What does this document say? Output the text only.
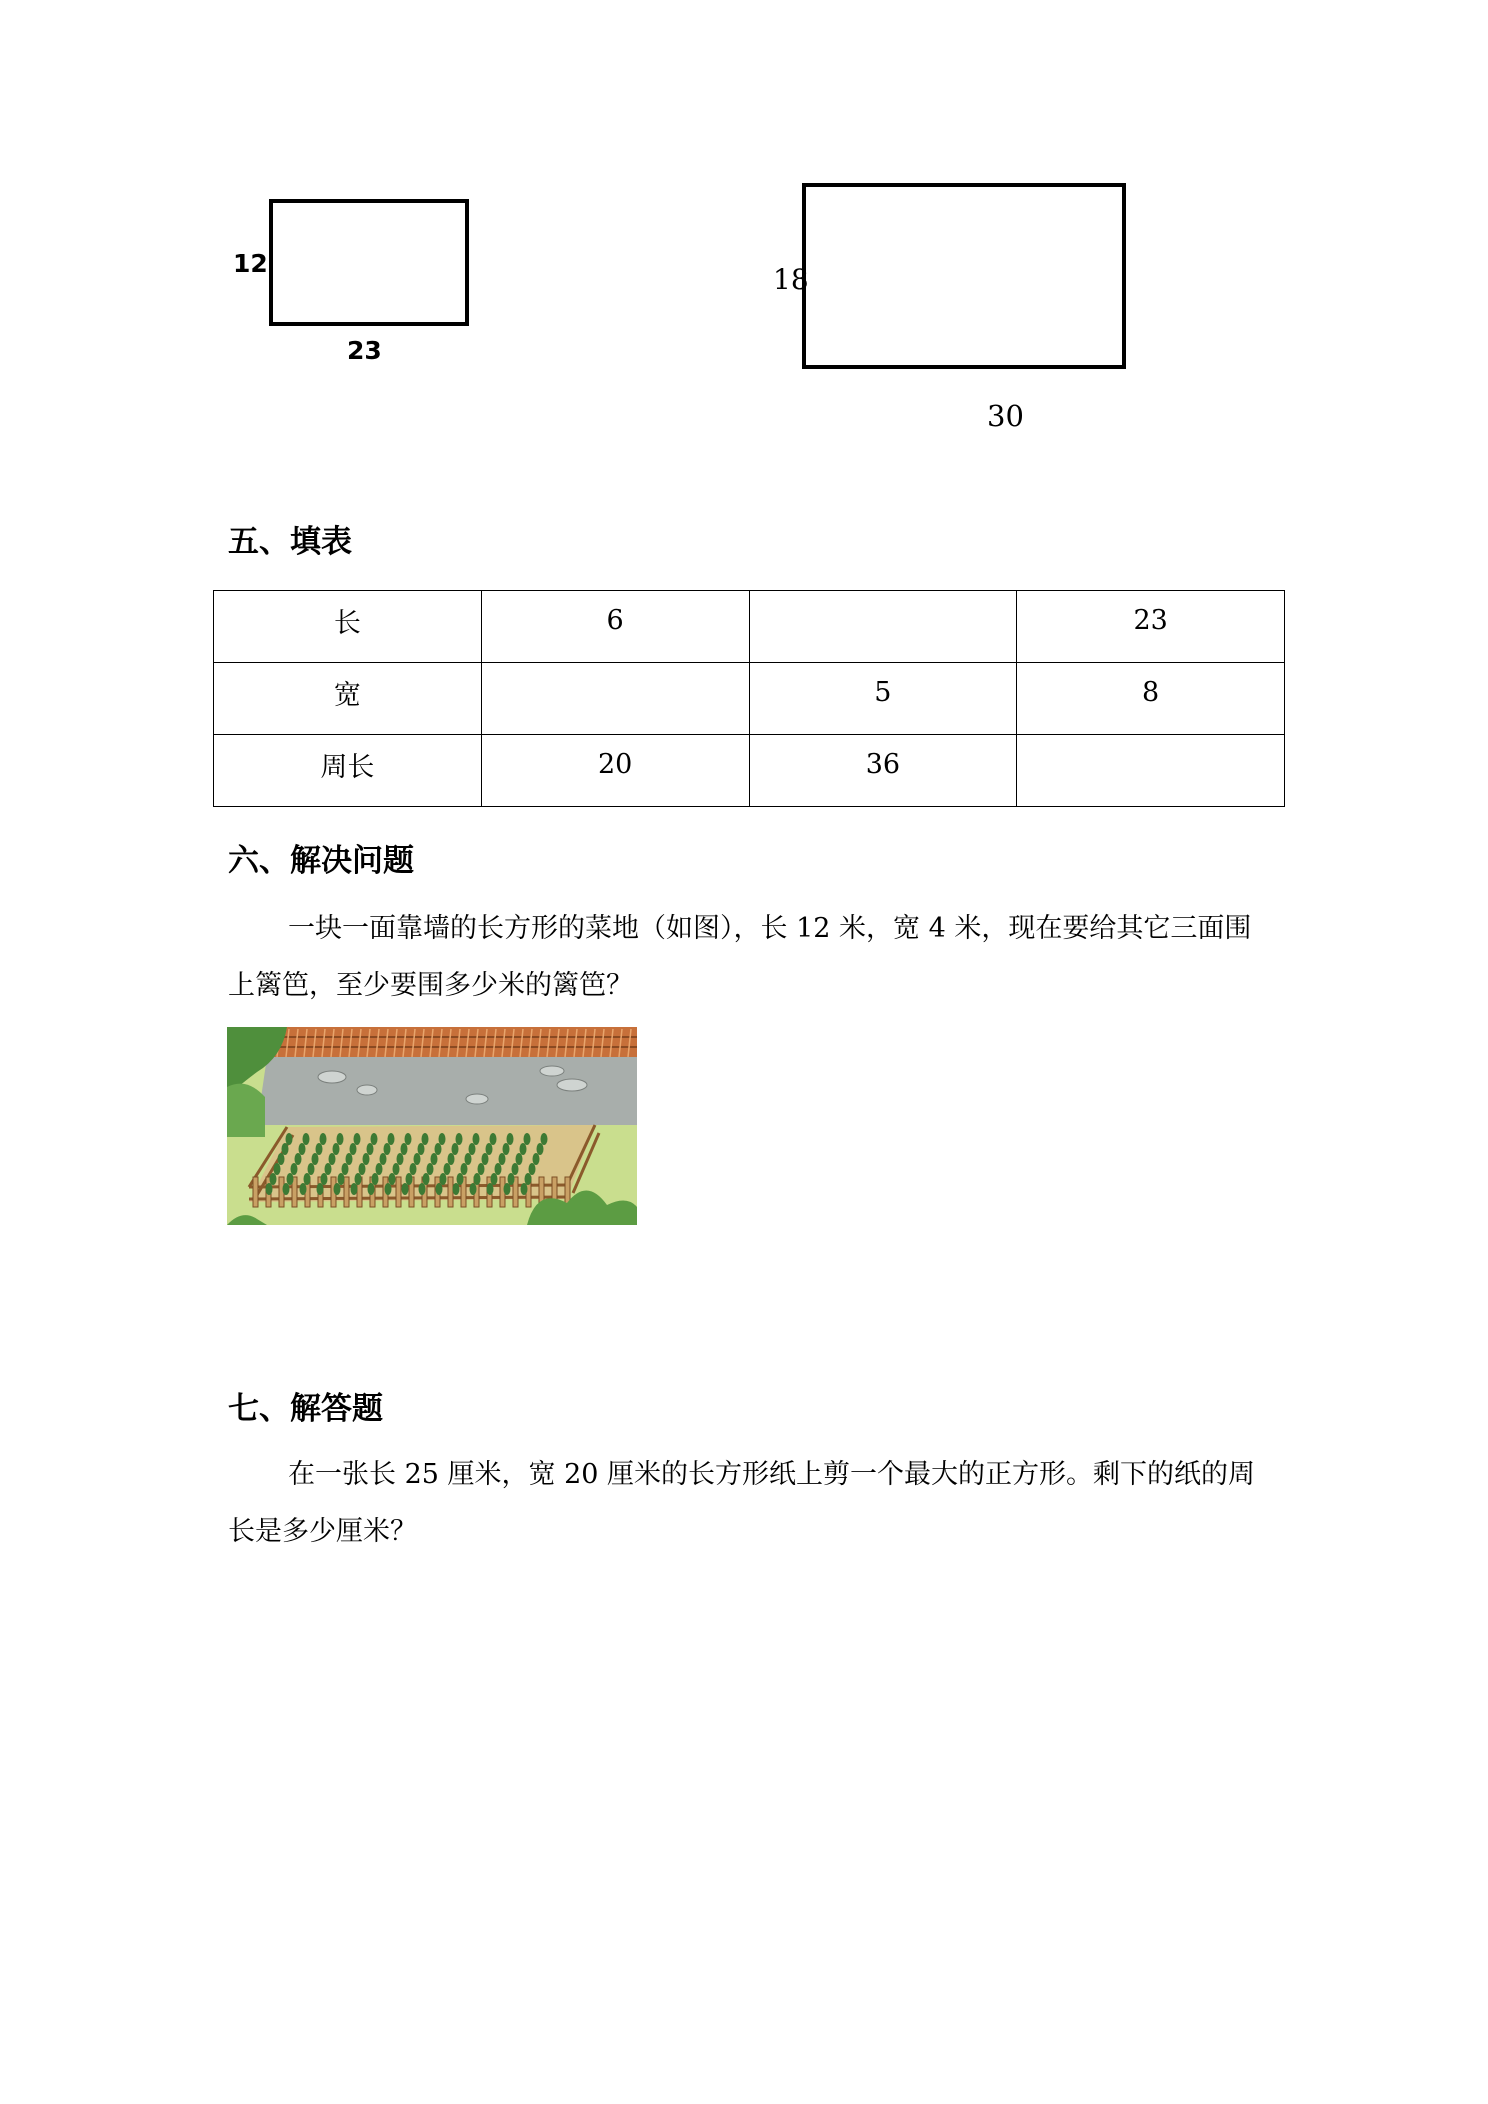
12
23
18
30
五、填表
长	6		23
宽		5	8
周长	20	36	
六、解决问题

一块一面靠墙的长方形的菜地（如图），长 12 米，宽 4 米，现在要给其它三面围上篱笆，至少要围多少米的篱笆？

七、解答题

在一张长 25 厘米，宽 20 厘米的长方形纸上剪一个最大的正方形。剩下的纸的周长是多少厘米？
